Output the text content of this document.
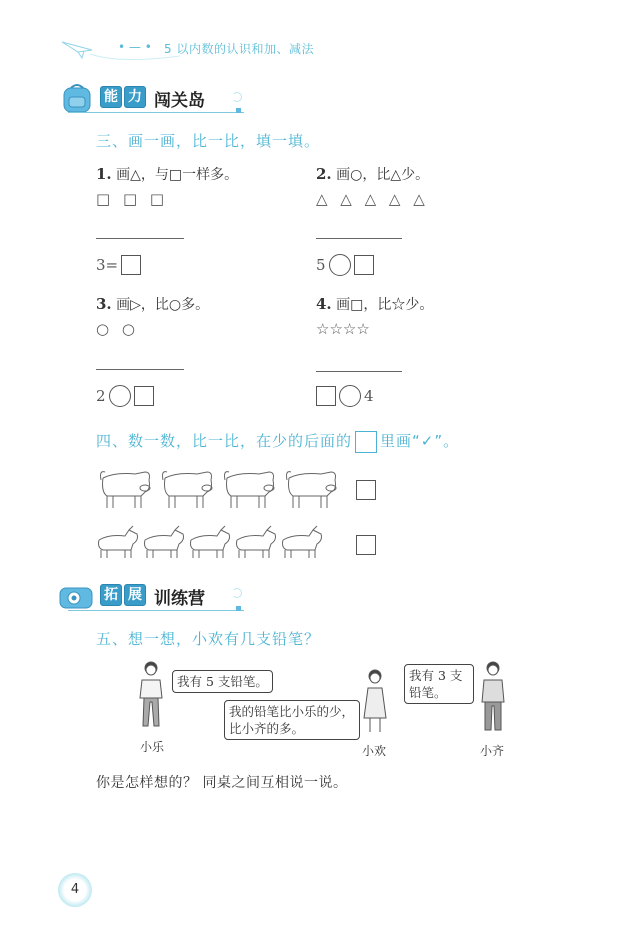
• — • 5 以内数的认识和加、减法
能 力 闯关岛
三、画一画，比一比，填一填。
1. 画△，与□一样多。
□ □ □
3=
2. 画○，比△少。
△ △ △ △ △
5
3. 画▷，比○多。
○ ○
2
4. 画□，比☆少。
☆☆☆☆
4
四、数一数，比一比，在少的后面的 里画“✓”。
拓 展 训练营
五、想一想，小欢有几支铅笔？
我有 5 支铅笔。
小乐
我的铅笔比小乐的少，比小齐的多。
小欢
我有 3 支铅笔。
小齐
你是怎样想的？ 同桌之间互相说一说。
4
